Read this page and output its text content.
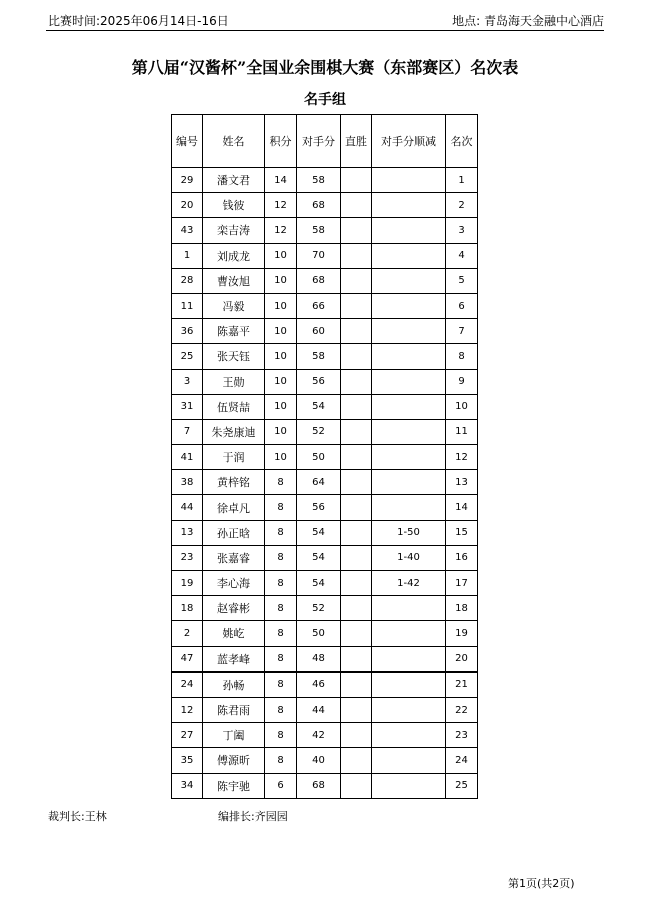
比赛时间:2025年06月14日-16日	地点: 青岛海天金融中心酒店
第八届“汉酱杯”全国业余围棋大赛（东部赛区）名次表
名手组
编号	姓名	积分	对手分	直胜	对手分顺减	名次
29	潘文君	14	58			1
20	钱彼	12	68			2
43	栾吉涛	12	58			3
1	刘成龙	10	70			4
28	曹汝旭	10	68			5
11	冯毅	10	66			6
36	陈嘉平	10	60			7
25	张天钰	10	58			8
3	王勋	10	56			9
31	伍贤喆	10	54			10
7	朱尧康迪	10	52			11
41	于润	10	50			12
38	黄梓铭	8	64			13
44	徐卓凡	8	56			14
13	孙正晗	8	54		1-50	15
23	张嘉睿	8	54		1-40	16
19	李心海	8	54		1-42	17
18	赵睿彬	8	52			18
2	姚屹	8	50			19
47	蓝孝峰	8	48			20
24	孙畅	8	46			21
12	陈君雨	8	44			22
27	丁阖	8	42			23
35	傅源昕	8	40			24
34	陈宇驰	6	68			25
裁判长:王林	编排长:齐园园
第1页(共2页)
